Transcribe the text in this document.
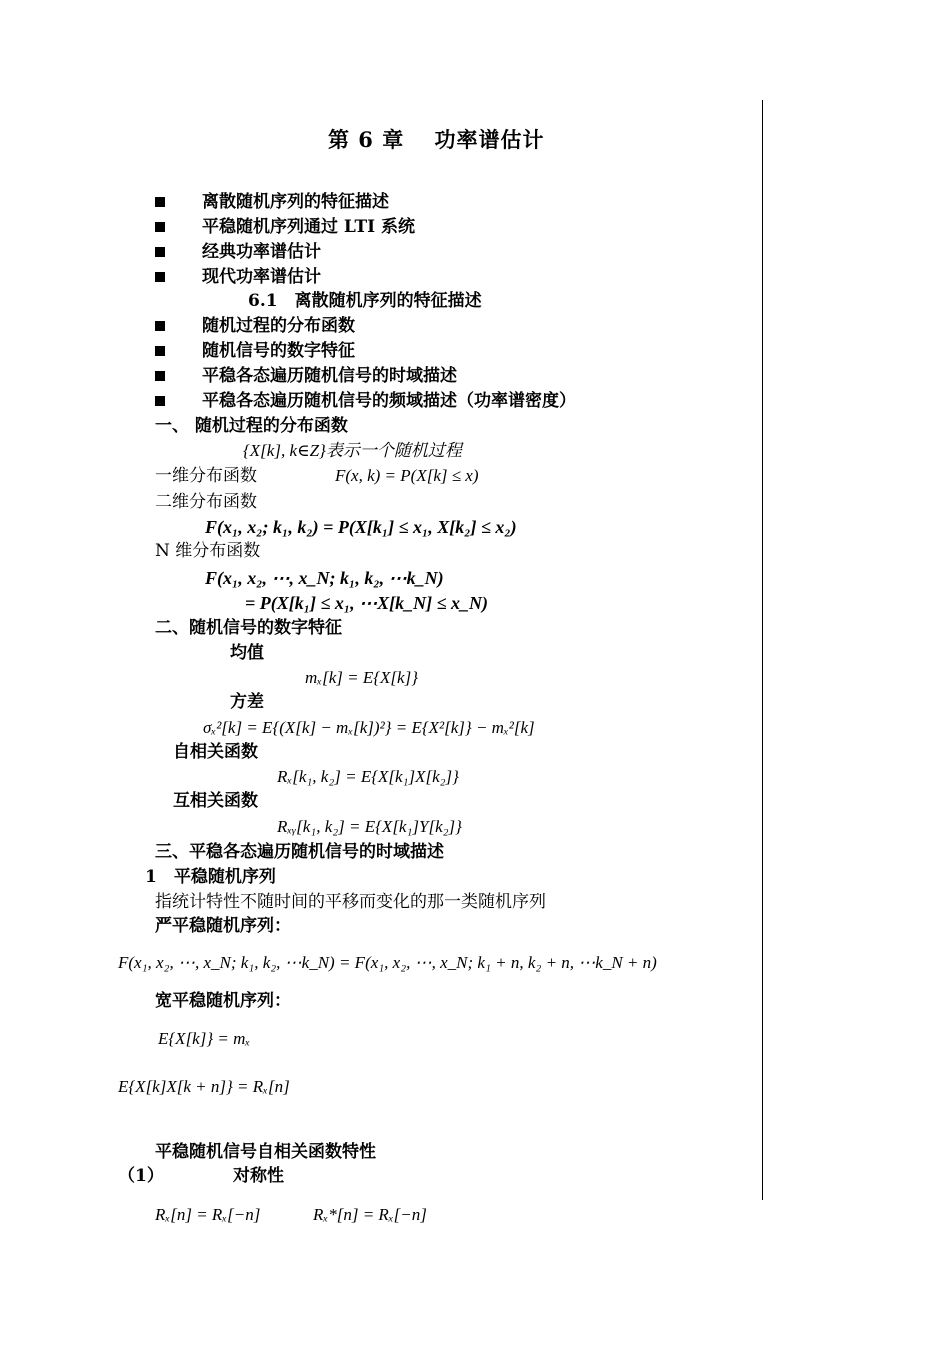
第 6 章　 功率谱估计
离散随机序列的特征描述
平稳随机序列通过 LTI 系统
经典功率谱估计
现代功率谱估计
6.1　离散随机序列的特征描述
随机过程的分布函数
随机信号的数字特征
平稳各态遍历随机信号的时域描述
平稳各态遍历随机信号的频域描述（功率谱密度）
一、 随机过程的分布函数
{X[k], k∈Z}表示一个随机过程
一维分布函数	F(x, k) = P(X[k] ≤ x)
二维分布函数
F(x₁, x₂; k₁, k₂) = P(X[k₁] ≤ x₁, X[k₂] ≤ x₂)
N 维分布函数
F(x₁, x₂, ⋯, x_N; k₁, k₂, ⋯k_N)
= P(X[k₁] ≤ x₁, ⋯X[k_N] ≤ x_N)
二、随机信号的数字特征
均值
mₓ[k] = E{X[k]}
方差
σₓ²[k] = E{(X[k] − mₓ[k])²} = E{X²[k]} − mₓ²[k]
自相关函数
Rₓ[k₁, k₂] = E{X[k₁]X[k₂]}
互相关函数
Rₓᵧ[k₁, k₂] = E{X[k₁]Y[k₂]}
三、平稳各态遍历随机信号的时域描述
1　平稳随机序列
指统计特性不随时间的平移而变化的那一类随机序列
严平稳随机序列：
F(x₁, x₂, ⋯, x_N; k₁, k₂, ⋯k_N) = F(x₁, x₂, ⋯, x_N; k₁ + n, k₂ + n, ⋯k_N + n)
宽平稳随机序列：
E{X[k]} = mₓ
E{X[k]X[k + n]} = Rₓ[n]
平稳随机信号自相关函数特性
（1）	对称性
Rₓ[n] = Rₓ[−n]	Rₓ*[n] = Rₓ[−n]
